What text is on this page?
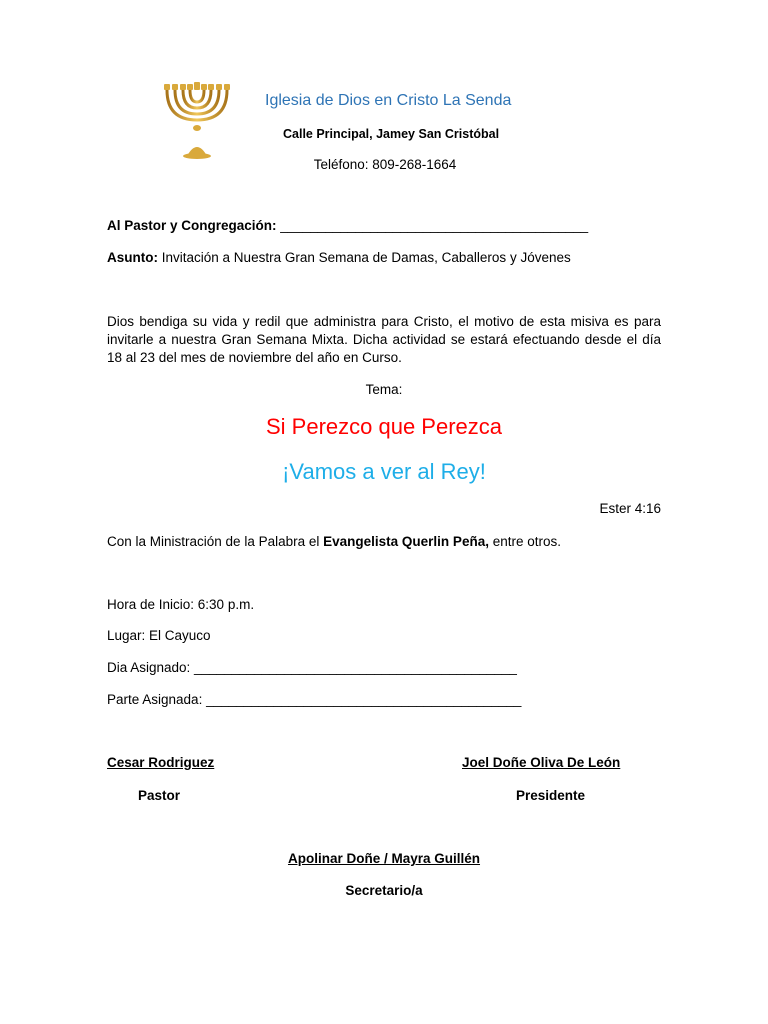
Iglesia de Dios en Cristo La Senda
Calle Principal, Jamey San Cristóbal
Teléfono: 809-268-1664
Al Pastor y Congregación: _________________________________________
Asunto: Invitación a Nuestra Gran Semana de Damas, Caballeros y Jóvenes
Dios bendiga su vida y redil que administra para Cristo, el motivo de esta misiva es para invitarle a nuestra Gran Semana Mixta. Dicha actividad se estará efectuando desde el día 18 al 23 del mes de noviembre del año en Curso.
Tema:
Si Perezco que Perezca
¡Vamos a ver al Rey!
Ester 4:16
Con la Ministración de la Palabra el Evangelista Querlin Peña, entre otros.
Hora de Inicio: 6:30 p.m.
Lugar: El Cayuco
Dia Asignado: ___________________________________________
Parte Asignada: __________________________________________
Cesar Rodriguez
Pastor
Joel Doñe Oliva De León
Presidente
Apolinar Doñe / Mayra Guillén
Secretario/a
